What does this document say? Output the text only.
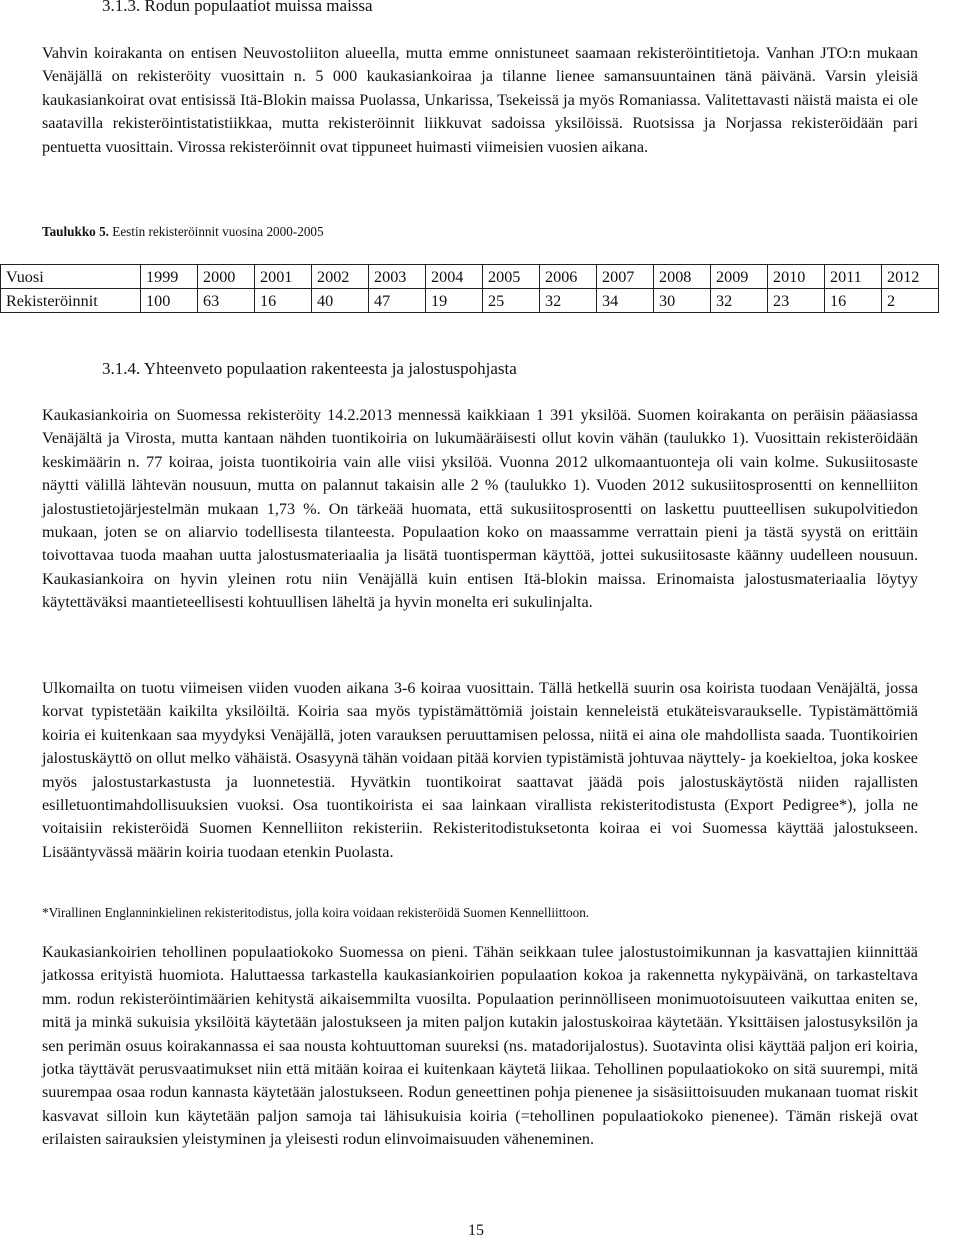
3.1.3. Rodun populaatiot muissa maissa

Vahvin koirakanta on entisen Neuvostoliiton alueella, mutta emme onnistuneet saamaan rekisteröintitietoja. Vanhan JTO:n mukaan Venäjällä on rekisteröity vuosittain n. 5 000 kaukasiankoiraa ja tilanne lienee samansuuntainen tänä päivänä. Varsin yleisiä kaukasiankoirat ovat entisissä Itä-Blokin maissa Puolassa, Unkarissa, Tsekeissä ja myös Romaniassa. Valitettavasti näistä maista ei ole saatavilla rekisteröintistatistiikkaa, mutta rekisteröinnit liikkuvat sadoissa yksilöissä. Ruotsissa ja Norjassa rekisteröidään pari pentuetta vuosittain. Virossa rekisteröinnit ovat tippuneet huimasti viimeisien vuosien aikana.

Taulukko 5. Eestin rekisteröinnit vuosina 2000-2005
Vuosi	1999	2000	2001	2002	2003	2004	2005	2006	2007	2008	2009	2010	2011	2012
Rekisteröinnit	100	63	16	40	47	19	25	32	34	30	32	23	16	2
3.1.4. Yhteenveto populaation rakenteesta ja jalostuspohjasta

Kaukasiankoiria on Suomessa rekisteröity 14.2.2013 mennessä kaikkiaan 1 391 yksilöä. Suomen koirakanta on peräisin pääasiassa Venäjältä ja Virosta, mutta kantaan nähden tuontikoiria on lukumääräisesti ollut kovin vähän (taulukko 1). Vuosittain rekisteröidään keskimäärin n. 77 koiraa, joista tuontikoiria vain alle viisi yksilöä. Vuonna 2012 ulkomaantuonteja oli vain kolme. Sukusiitosaste näytti välillä lähtevän nousuun, mutta on palannut takaisin alle 2 % (taulukko 1). Vuoden 2012 sukusiitosprosentti on kennelliiton jalostustietojärjestelmän mukaan 1,73 %. On tärkeää huomata, että sukusiitosprosentti on laskettu puutteellisen sukupolvitiedon mukaan, joten se on aliarvio todellisesta tilanteesta. Populaation koko on maassamme verrattain pieni ja tästä syystä on erittäin toivottavaa tuoda maahan uutta jalostusmateriaalia ja lisätä tuontisperman käyttöä, jottei sukusiitosaste käänny uudelleen nousuun. Kaukasiankoira on hyvin yleinen rotu niin Venäjällä kuin entisen Itä-blokin maissa. Erinomaista jalostusmateriaalia löytyy käytettäväksi maantieteellisesti kohtuullisen läheltä ja hyvin monelta eri sukulinjalta.

Ulkomailta on tuotu viimeisen viiden vuoden aikana 3-6 koiraa vuosittain. Tällä hetkellä suurin osa koirista tuodaan Venäjältä, jossa korvat typistetään kaikilta yksilöiltä. Koiria saa myös typistämättömiä joistain kenneleistä etukäteisvaraukselle. Typistämättömiä koiria ei kuitenkaan saa myydyksi Venäjällä, joten varauksen peruuttamisen pelossa, niitä ei aina ole mahdollista saada. Tuontikoirien jalostuskäyttö on ollut melko vähäistä. Osasyynä tähän voidaan pitää korvien typistämistä johtuvaa näyttely- ja koekieltoa, joka koskee myös jalostustarkastusta ja luonnetestiä. Hyvätkin tuontikoirat saattavat jäädä pois jalostuskäytöstä niiden rajallisten esilletuontimahdollisuuksien vuoksi. Osa tuontikoirista ei saa lainkaan virallista rekisteritodistusta (Export Pedigree*), jolla ne voitaisiin rekisteröidä Suomen Kennelliiton rekisteriin. Rekisteritodistuksetonta koiraa ei voi Suomessa käyttää jalostukseen. Lisääntyvässä määrin koiria tuodaan etenkin Puolasta.

*Virallinen Englanninkielinen rekisteritodistus, jolla koira voidaan rekisteröidä Suomen Kennelliittoon.

Kaukasiankoirien tehollinen populaatiokoko Suomessa on pieni. Tähän seikkaan tulee jalostustoimikunnan ja kasvattajien kiinnittää jatkossa erityistä huomiota. Haluttaessa tarkastella kaukasiankoirien populaation kokoa ja rakennetta nykypäivänä, on tarkasteltava mm. rodun rekisteröintimäärien kehitystä aikaisemmilta vuosilta. Populaation perinnölliseen monimuotoisuuteen vaikuttaa eniten se, mitä ja minkä sukuisia yksilöitä käytetään jalostukseen ja miten paljon kutakin jalostuskoiraa käytetään. Yksittäisen jalostusyksilön ja sen perimän osuus koirakannassa ei saa nousta kohtuuttoman suureksi (ns. matadorijalostus). Suotavinta olisi käyttää paljon eri koiria, jotka täyttävät perusvaatimukset niin että mitään koiraa ei kuitenkaan käytetä liikaa. Tehollinen populaatiokoko on sitä suurempi, mitä suurempaa osaa rodun kannasta käytetään jalostukseen. Rodun geneettinen pohja pienenee ja sisäsiittoisuuden mukanaan tuomat riskit kasvavat silloin kun käytetään paljon samoja tai lähisukuisia koiria (=tehollinen populaatiokoko pienenee). Tämän riskejä ovat erilaisten sairauksien yleistyminen ja yleisesti rodun elinvoimaisuuden väheneminen.

15
